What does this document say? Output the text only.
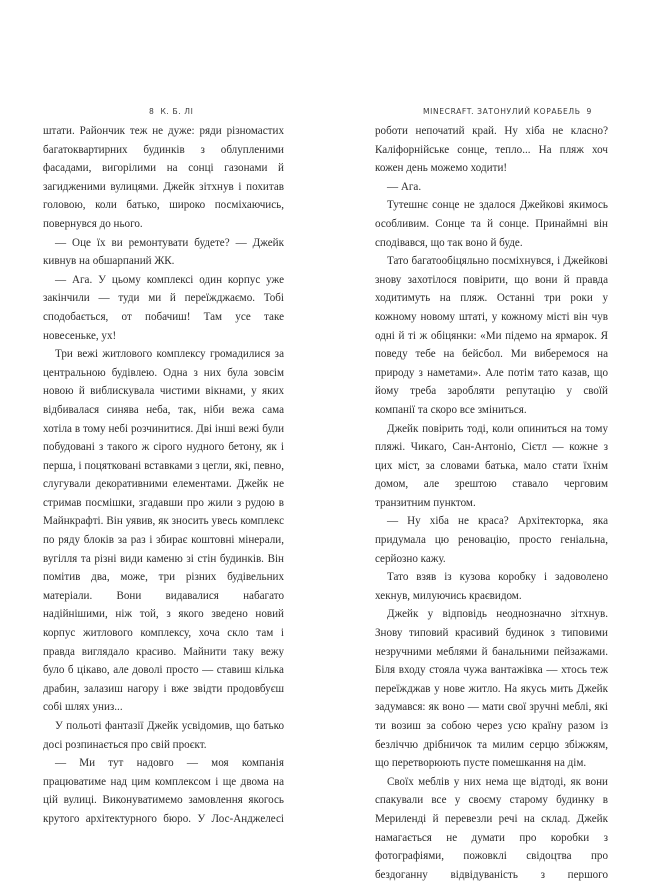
8 К. Б. ЛІ

штати. Райончик теж не дуже: ряди різномастих багатоквартирних будинків з облупленими фасадами, вигорілими на сонці газонами й загидженими вулицями. Джейк зітхнув і похитав головою, коли батько, широко посміхаючись, повернувся до нього.

— Оце їх ви ремонтувати будете? — Джейк кивнув на обшарпаний ЖК.

— Ага. У цьому комплексі один корпус уже закінчили — туди ми й переїжджаємо. Тобі сподобається, от побачиш! Там усе таке новесеньке, ух!

Три вежі житлового комплексу громадилися за центральною будівлею. Одна з них була зовсім новою й виблискувала чистими вікнами, у яких відбивалася синява неба, так, ніби вежа сама хотіла в тому небі розчинитися. Дві інші вежі були побудовані з такого ж сірого нудного бетону, як і перша, і поцятковані вставками з цегли, які, певно, слугували декоративними елементами. Джейк не стримав посмішки, згадавши про жили з рудою в Майнкрафті. Він уявив, як зносить увесь комплекс по ряду блоків за раз і збирає коштовні мінерали, вугілля та різні види каменю зі стін будинків. Він помітив два, може, три різних будівельних матеріали. Вони видавалися набагато надійнішими, ніж той, з якого зведено новий корпус житлового комплексу, хоча скло там і правда виглядало красиво. Майнити таку вежу було б цікаво, але доволі просто — ставиш кілька драбин, залазиш нагору і вже звідти продовбуєш собі шлях униз...

У польоті фантазії Джейк усвідомив, що батько досі розпинається про свій проєкт.

— Ми тут надовго — моя компанія працюватиме над цим комплексом і ще двома на цій вулиці. Виконуватимемо замовлення якогось крутого архітектурного бюро. У Лос-Анджелесі

MINECRAFT. ЗАТОНУЛИЙ КОРАБЕЛЬ 9

роботи непочатий край. Ну хіба не класно? Каліфорнійське сонце, тепло... На пляж хоч кожен день можемо ходити!

— Ага.

Тутешнє сонце не здалося Джейкові якимось особливим. Сонце та й сонце. Принаймні він сподівався, що так воно й буде.

Тато багатообіцяльно посміхнувся, і Джейкові знову захотілося повірити, що вони й правда ходитимуть на пляж. Останні три роки у кожному новому штаті, у кожному місті він чув одні й ті ж обіцянки: «Ми підемо на ярмарок. Я поведу тебе на бейсбол. Ми виберемося на природу з наметами». Але потім тато казав, що йому треба заробляти репутацію у своїй компанії та скоро все зміниться.

Джейк повірить тоді, коли опиниться на тому пляжі. Чикаго, Сан-Антоніо, Сієтл — кожне з цих міст, за словами батька, мало стати їхнім домом, але зрештою ставало черговим транзитним пунктом.

— Ну хіба не краса? Архітекторка, яка придумала цю реновацію, просто геніальна, серйозно кажу.

Тато взяв із кузова коробку і задоволено хекнув, милуючись краєвидом.

Джейк у відповідь неоднозначно зітхнув. Знову типовий красивий будинок з типовими незручними меблями й банальними пейзажами. Біля входу стояла чужа вантажівка — хтось теж переїжджав у нове житло. На якусь мить Джейк задумався: як воно — мати свої зручні меблі, які ти возиш за собою через усю країну разом із безліччю дрібничок та милим серцю збіжжям, що перетворюють пусте помешкання на дім.

Своїх меблів у них нема ще відтоді, як вони спакували все у своєму старому будинку в Мериленді й перевезли речі на склад. Джейк намагається не думати про коробки з фотографіями, пожовклі свідоцтва про бездоганну відвідуваність з першого
